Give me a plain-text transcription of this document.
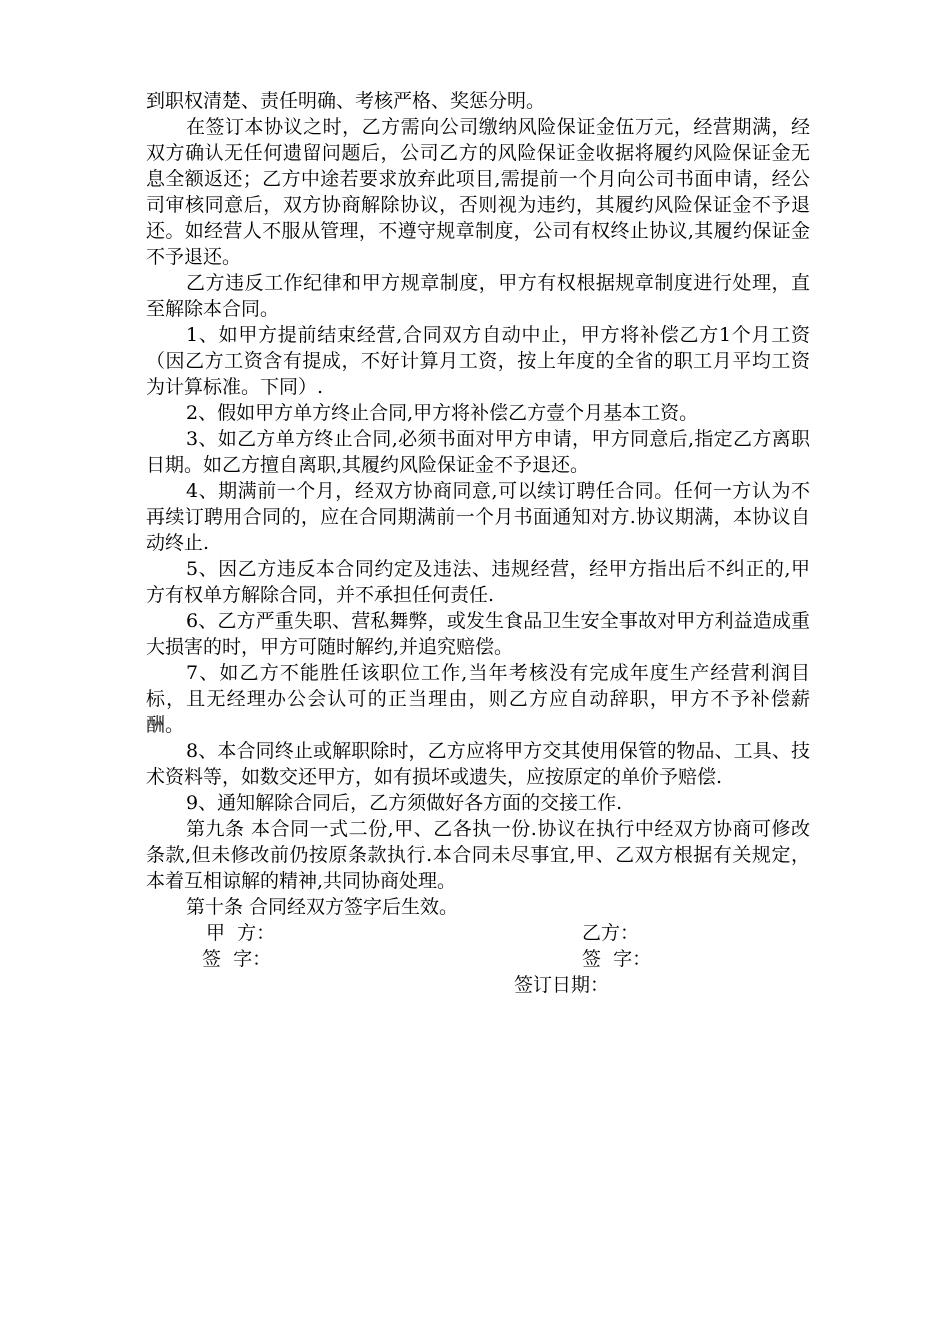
到职权清楚、责任明确、考核严格、奖惩分明。

在签订本协议之时，乙方需向公司缴纳风险保证金伍万元，经营期满，经双方确认无任何遗留问题后，公司乙方的风险保证金收据将履约风险保证金无息全额返还；乙方中途若要求放弃此项目,需提前一个月向公司书面申请，经公司审核同意后，双方协商解除协议，否则视为违约，其履约风险保证金不予退还。如经营人不服从管理，不遵守规章制度，公司有权终止协议,其履约保证金不予退还。

乙方违反工作纪律和甲方规章制度，甲方有权根据规章制度进行处理，直至解除本合同。

1、如甲方提前结束经营,合同双方自动中止，甲方将补偿乙方1个月工资（因乙方工资含有提成，不好计算月工资，按上年度的全省的职工月平均工资为计算标准。下同）.

2、假如甲方单方终止合同,甲方将补偿乙方壹个月基本工资。

3、如乙方单方终止合同,必须书面对甲方申请，甲方同意后,指定乙方离职日期。如乙方擅自离职,其履约风险保证金不予退还。

4、期满前一个月，经双方协商同意,可以续订聘任合同。任何一方认为不再续订聘用合同的，应在合同期满前一个月书面通知对方.协议期满，本协议自动终止.

5、因乙方违反本合同约定及违法、违规经营，经甲方指出后不纠正的,甲方有权单方解除合同，并不承担任何责任.

6、乙方严重失职、营私舞弊，或发生食品卫生安全事故对甲方利益造成重大损害的时，甲方可随时解约,并追究赔偿。

7、如乙方不能胜任该职位工作,当年考核没有完成年度生产经营利润目标，且无经理办公会认可的正当理由，则乙方应自动辞职，甲方不予补偿薪酬。

8、本合同终止或解职除时，乙方应将甲方交其使用保管的物品、工具、技术资料等，如数交还甲方，如有损坏或遗失，应按原定的单价予赔偿.

9、通知解除合同后，乙方须做好各方面的交接工作.

第九条 本合同一式二份,甲、乙各执一份.协议在执行中经双方协商可修改条款,但未修改前仍按原条款执行.本合同未尽事宜,甲、乙双方根据有关规定，本着互相谅解的精神,共同协商处理。

第十条 合同经双方签字后生效。

甲  方：	乙方：
签  字：	签  字：
签订日期：
